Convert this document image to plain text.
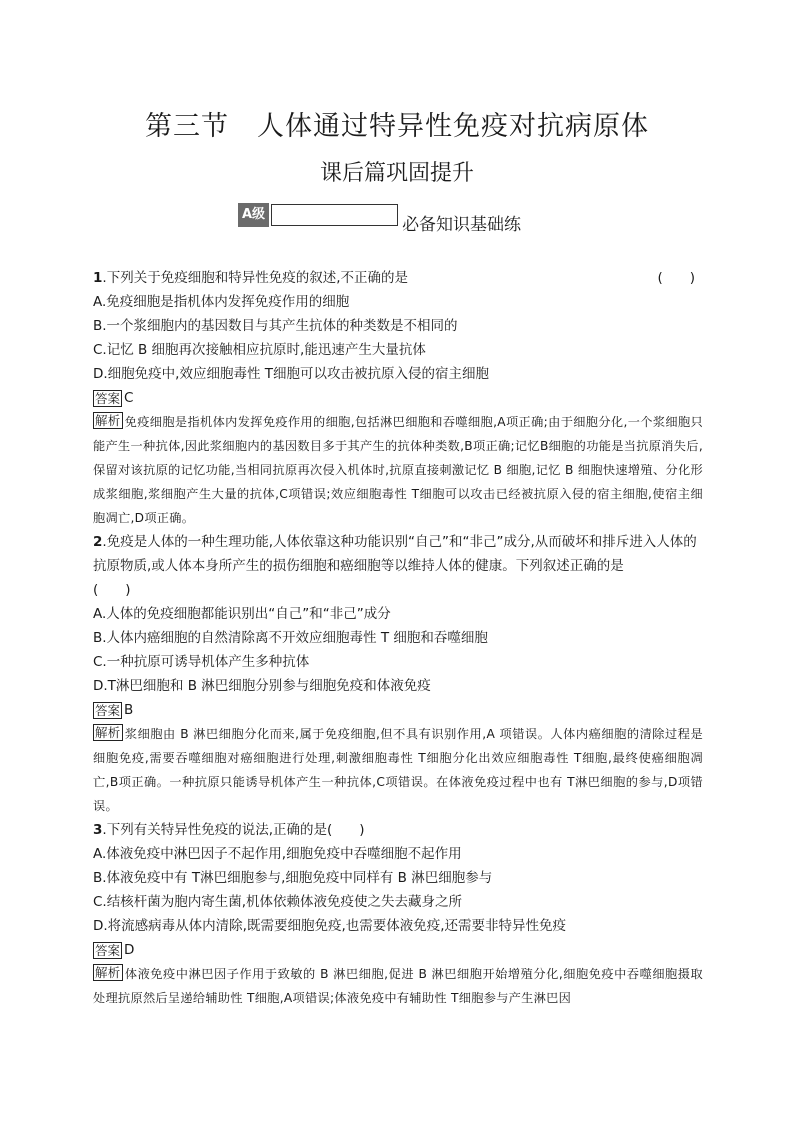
第三节　人体通过特异性免疫对抗病原体
课后篇巩固提升
A级	必备知识基础练
1.下列关于免疫细胞和特异性免疫的叙述,不正确的是	(　　)
A.免疫细胞是指机体内发挥免疫作用的细胞
B.一个浆细胞内的基因数目与其产生抗体的种类数是不相同的
C.记忆 B 细胞再次接触相应抗原时,能迅速产生大量抗体
D.细胞免疫中,效应细胞毒性 T细胞可以攻击被抗原入侵的宿主细胞
答案 C
解析 免疫细胞是指机体内发挥免疫作用的细胞,包括淋巴细胞和吞噬细胞,A项正确;由于细胞分化,一个浆细胞只能产生一种抗体,因此浆细胞内的基因数目多于其产生的抗体种类数,B项正确;记忆B细胞的功能是当抗原消失后,保留对该抗原的记忆功能,当相同抗原再次侵入机体时,抗原直接刺激记忆 B 细胞,记忆 B 细胞快速增殖、分化形成浆细胞,浆细胞产生大量的抗体,C项错误;效应细胞毒性 T细胞可以攻击已经被抗原入侵的宿主细胞,使宿主细胞凋亡,D项正确。
2.免疫是人体的一种生理功能,人体依靠这种功能识别“自己”和“非己”成分,从而破坏和排斥进入人体的抗原物质,或人体本身所产生的损伤细胞和癌细胞等以维持人体的健康。下列叙述正确的是
(　　)
A.人体的免疫细胞都能识别出“自己”和“非己”成分
B.人体内癌细胞的自然清除离不开效应细胞毒性 T 细胞和吞噬细胞
C.一种抗原可诱导机体产生多种抗体
D.T淋巴细胞和 B 淋巴细胞分别参与细胞免疫和体液免疫
答案 B
解析 浆细胞由 B 淋巴细胞分化而来,属于免疫细胞,但不具有识别作用,A 项错误。人体内癌细胞的清除过程是细胞免疫,需要吞噬细胞对癌细胞进行处理,刺激细胞毒性 T细胞分化出效应细胞毒性 T细胞,最终使癌细胞凋亡,B项正确。一种抗原只能诱导机体产生一种抗体,C项错误。在体液免疫过程中也有 T淋巴细胞的参与,D项错误。
3.下列有关特异性免疫的说法,正确的是(　　)
A.体液免疫中淋巴因子不起作用,细胞免疫中吞噬细胞不起作用
B.体液免疫中有 T淋巴细胞参与,细胞免疫中同样有 B 淋巴细胞参与
C.结核杆菌为胞内寄生菌,机体依赖体液免疫使之失去藏身之所
D.将流感病毒从体内清除,既需要细胞免疫,也需要体液免疫,还需要非特异性免疫
答案 D
解析 体液免疫中淋巴因子作用于致敏的 B 淋巴细胞,促进 B 淋巴细胞开始增殖分化,细胞免疫中吞噬细胞摄取处理抗原然后呈递给辅助性 T细胞,A项错误;体液免疫中有辅助性 T细胞参与产生淋巴因
